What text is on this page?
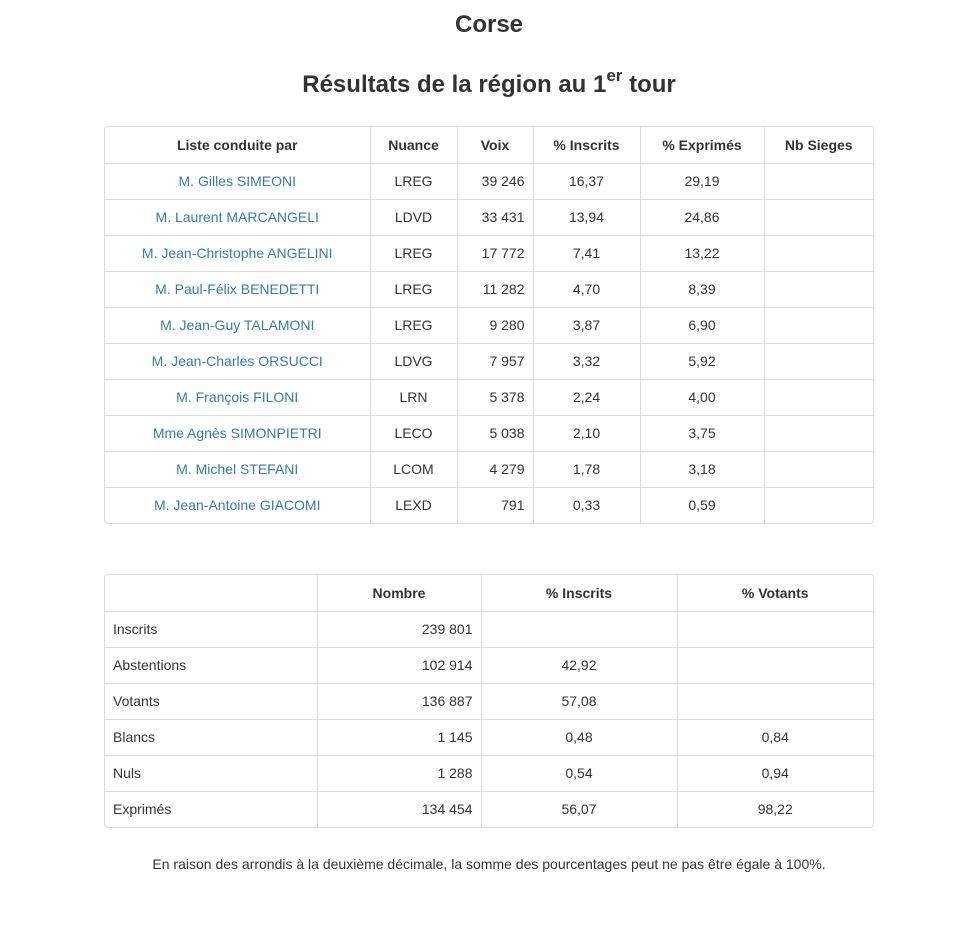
Corse
Résultats de la région au 1er tour
Liste conduite par	Nuance	Voix	% Inscrits	% Exprimés	Nb Sieges
M. Gilles SIMEONI	LREG	39 246	16,37	29,19	
M. Laurent MARCANGELI	LDVD	33 431	13,94	24,86	
M. Jean-Christophe ANGELINI	LREG	17 772	7,41	13,22	
M. Paul-Félix BENEDETTI	LREG	11 282	4,70	8,39	
M. Jean-Guy TALAMONI	LREG	9 280	3,87	6,90	
M. Jean-Charles ORSUCCI	LDVG	7 957	3,32	5,92	
M. François FILONI	LRN	5 378	2,24	4,00	
Mme Agnès SIMONPIETRI	LECO	5 038	2,10	3,75	
M. Michel STEFANI	LCOM	4 279	1,78	3,18	
M. Jean-Antoine GIACOMI	LEXD	791	0,33	0,59	
	Nombre	% Inscrits	% Votants
Inscrits	239 801		
Abstentions	102 914	42,92	
Votants	136 887	57,08	
Blancs	1 145	0,48	0,84
Nuls	1 288	0,54	0,94
Exprimés	134 454	56,07	98,22

En raison des arrondis à la deuxième décimale, la somme des pourcentages peut ne pas être égale à 100%.
